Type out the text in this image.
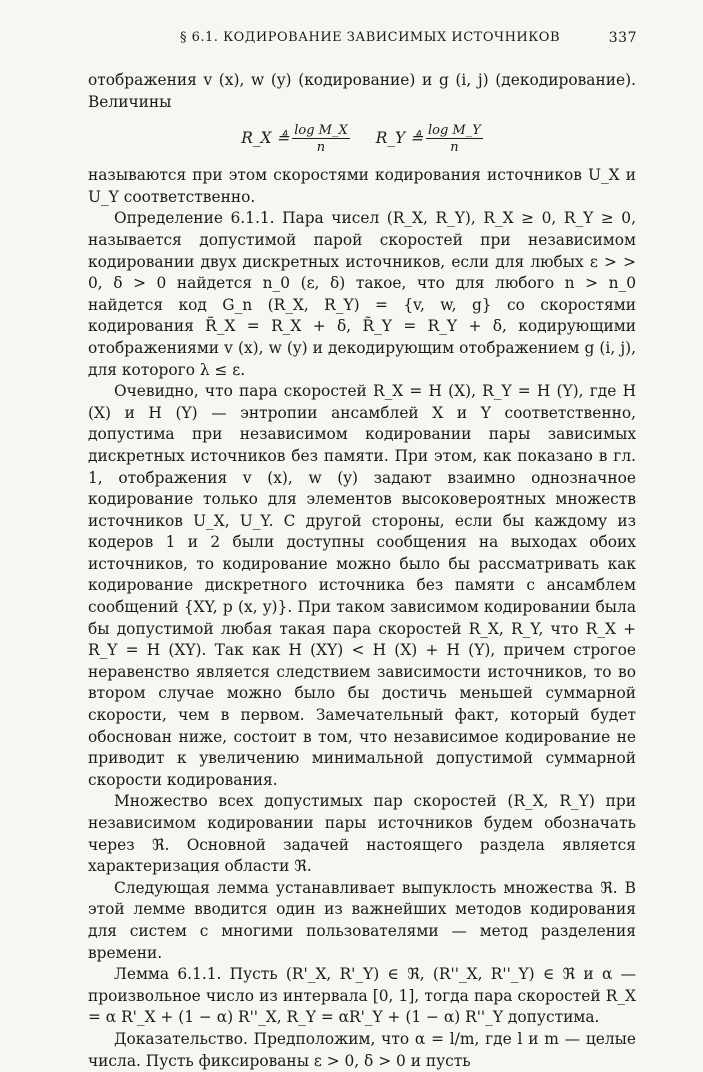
§ 6.1. КОДИРОВАНИЕ ЗАВИСИМЫХ ИСТОЧНИКОВ	337

отображения v (x), w (y) (кодирование) и g (i, j) (декодирование). Величины

R_X ≜ $\frac{\text{log M\_X}}{n}$ R_Y ≜ $\frac{\text{log M\_Y}}{n}$

называются при этом скоростями кодирования источников U_X и U_Y соответственно.

Определение 6.1.1. Пара чисел (R_X, R_Y), R_X ≥ 0, R_Y ≥ 0, называется допустимой парой скоростей при независимом кодировании двух дискретных источников, если для любых ε > > 0, δ > 0 найдется n_0 (ε, δ) такое, что для любого n > n_0 найдется код G_n (R_X, R_Y) = {v, w, g} со скоростями кодирования R̃_X = R_X + δ, R̃_Y = R_Y + δ, кодирующими отображениями v (x), w (y) и декодирующим отображением g (i, j), для которого λ ≤ ε.

Очевидно, что пара скоростей R_X = H (X), R_Y = H (Y), где H (X) и H (Y) — энтропии ансамблей X и Y соответственно, допустима при независимом кодировании пары зависимых дискретных источников без памяти. При этом, как показано в гл. 1, отображения v (x), w (y) задают взаимно однозначное кодирование только для элементов высоковероятных множеств источников U_X, U_Y. С другой стороны, если бы каждому из кодеров 1 и 2 были доступны сообщения на выходах обоих источников, то кодирование можно было бы рассматривать как кодирование дискретного источника без памяти с ансамблем сообщений {XY, p (x, y)}. При таком зависимом кодировании была бы допустимой любая такая пара скоростей R_X, R_Y, что R_X + R_Y = H (XY). Так как H (XY) < H (X) + H (Y), причем строгое неравенство является следствием зависимости источников, то во втором случае можно было бы достичь меньшей суммарной скорости, чем в первом. Замечательный факт, который будет обоснован ниже, состоит в том, что независимое кодирование не приводит к увеличению минимальной допустимой суммарной скорости кодирования.

Множество всех допустимых пар скоростей (R_X, R_Y) при независимом кодировании пары источников будем обозначать через ℜ. Основной задачей настоящего раздела является характеризация области ℜ.

Следующая лемма устанавливает выпуклость множества ℜ. В этой лемме вводится один из важнейших методов кодирования для систем с многими пользователями — метод разделения времени.

Лемма 6.1.1. Пусть (R'_X, R'_Y) ∈ ℜ, (R''_X, R''_Y) ∈ ℜ и α — произвольное число из интервала [0, 1], тогда пара скоростей R_X = α R'_X + (1 − α) R''_X, R_Y = αR'_Y + (1 − α) R''_Y допустима.

Доказательство. Предположим, что α = l/m, где l и m — целые числа. Пусть фиксированы ε > 0, δ > 0 и пусть
